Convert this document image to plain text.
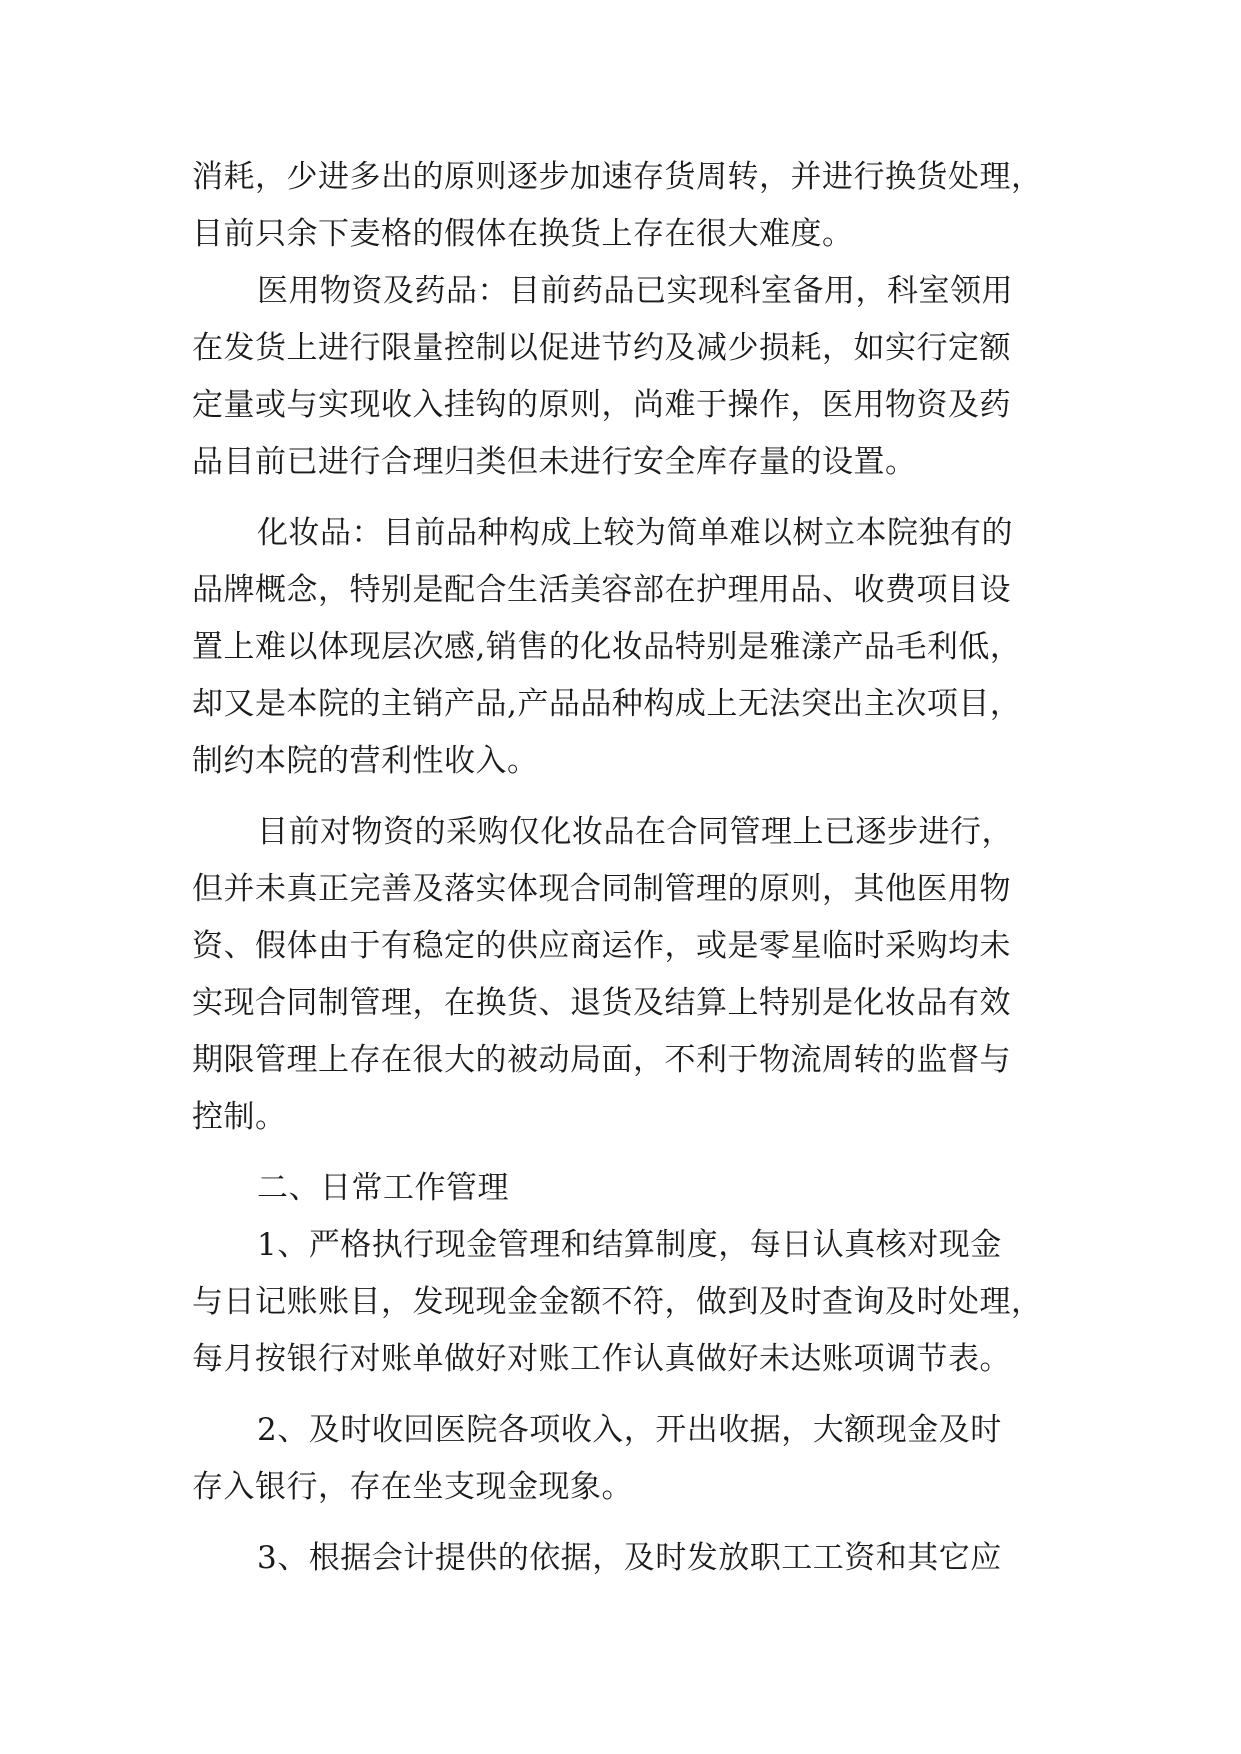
消耗，少进多出的原则逐步加速存货周转，并进行换货处理，
目前只余下麦格的假体在换货上存在很大难度。
医用物资及药品：目前药品已实现科室备用，科室领用
在发货上进行限量控制以促进节约及减少损耗，如实行定额
定量或与实现收入挂钩的原则，尚难于操作，医用物资及药
品目前已进行合理归类但未进行安全库存量的设置。
化妆品：目前品种构成上较为简单难以树立本院独有的
品牌概念，特别是配合生活美容部在护理用品、收费项目设
置上难以体现层次感,销售的化妆品特别是雅漾产品毛利低，
却又是本院的主销产品,产品品种构成上无法突出主次项目，
制约本院的营利性收入。
目前对物资的采购仅化妆品在合同管理上已逐步进行，
但并未真正完善及落实体现合同制管理的原则，其他医用物
资、假体由于有稳定的供应商运作，或是零星临时采购均未
实现合同制管理，在换货、退货及结算上特别是化妆品有效
期限管理上存在很大的被动局面，不利于物流周转的监督与
控制。
二、日常工作管理
1、严格执行现金管理和结算制度，每日认真核对现金
与日记账账目，发现现金金额不符，做到及时查询及时处理，
每月按银行对账单做好对账工作认真做好未达账项调节表。
2、及时收回医院各项收入，开出收据，大额现金及时
存入银行，存在坐支现金现象。
3、根据会计提供的依据，及时发放职工工资和其它应
